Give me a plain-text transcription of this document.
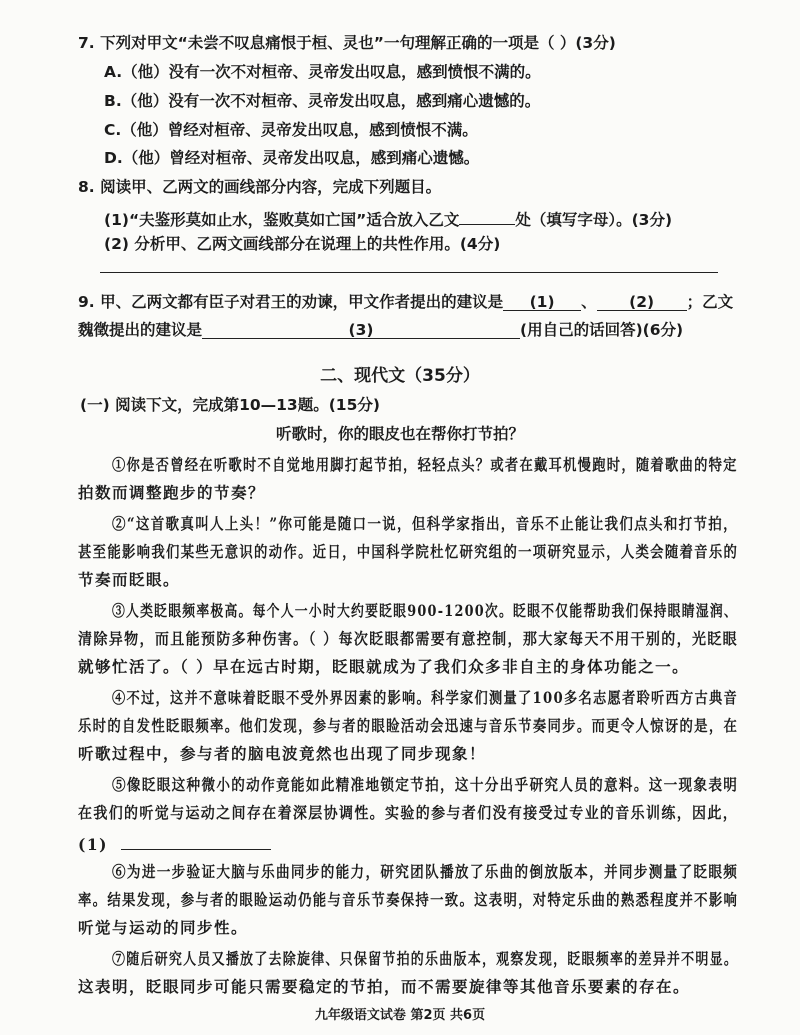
7. 下列对甲文“未尝不叹息痛恨于桓、灵也”一句理解正确的一项是（ ）(3分)
A.（他）没有一次不对桓帝、灵帝发出叹息，感到愤恨不满的。
B.（他）没有一次不对桓帝、灵帝发出叹息，感到痛心遗憾的。
C.（他）曾经对桓帝、灵帝发出叹息，感到愤恨不满。
D.（他）曾经对桓帝、灵帝发出叹息，感到痛心遗憾。
8. 阅读甲、乙两文的画线部分内容，完成下列题目。
(1)“夫鉴形莫如止水，鉴败莫如亡国”适合放入乙文	处（填写字母）。(3分)
(2) 分析甲、乙两文画线部分在说理上的共性作用。(4分)
9. 甲、乙两文都有臣子对君王的劝谏，甲文作者提出的建议是 (1) 、 (2) ；乙文
魏徵提出的建议是	(3)	(用自己的话回答)(6分)
二、现代文（35分）
(一) 阅读下文，完成第10—13题。(15分)
听歌时，你的眼皮也在帮你打节拍？
①你是否曾经在听歌时不自觉地用脚打起节拍，轻轻点头？或者在戴耳机慢跑时，随着歌曲的特定
拍数而调整跑步的节奏？
②“这首歌真叫人上头！”你可能是随口一说，但科学家指出，音乐不止能让我们点头和打节拍，
甚至能影响我们某些无意识的动作。近日，中国科学院杜忆研究组的一项研究显示，人类会随着音乐的
节奏而眨眼。
③人类眨眼频率极高。每个人一小时大约要眨眼900-1200次。眨眼不仅能帮助我们保持眼睛湿润、
清除异物，而且能预防多种伤害。（ ）每次眨眼都需要有意控制，那大家每天不用干别的，光眨眼
就够忙活了。（ ）早在远古时期，眨眼就成为了我们众多非自主的身体功能之一。
④不过，这并不意味着眨眼不受外界因素的影响。科学家们测量了100多名志愿者聆听西方古典音
乐时的自发性眨眼频率。他们发现，参与者的眼睑活动会迅速与音乐节奏同步。而更令人惊讶的是，在
听歌过程中，参与者的脑电波竟然也出现了同步现象！
⑤像眨眼这种微小的动作竟能如此精准地锁定节拍，这十分出乎研究人员的意料。这一现象表明
在我们的听觉与运动之间存在着深层协调性。实验的参与者们没有接受过专业的音乐训练，因此，
(1)
⑥为进一步验证大脑与乐曲同步的能力，研究团队播放了乐曲的倒放版本，并同步测量了眨眼频
率。结果发现，参与者的眼睑运动仍能与音乐节奏保持一致。这表明，对特定乐曲的熟悉程度并不影响
听觉与运动的同步性。
⑦随后研究人员又播放了去除旋律、只保留节拍的乐曲版本，观察发现，眨眼频率的差异并不明显。
这表明，眨眼同步可能只需要稳定的节拍，而不需要旋律等其他音乐要素的存在。
九年级语文试卷 第2页 共6页
